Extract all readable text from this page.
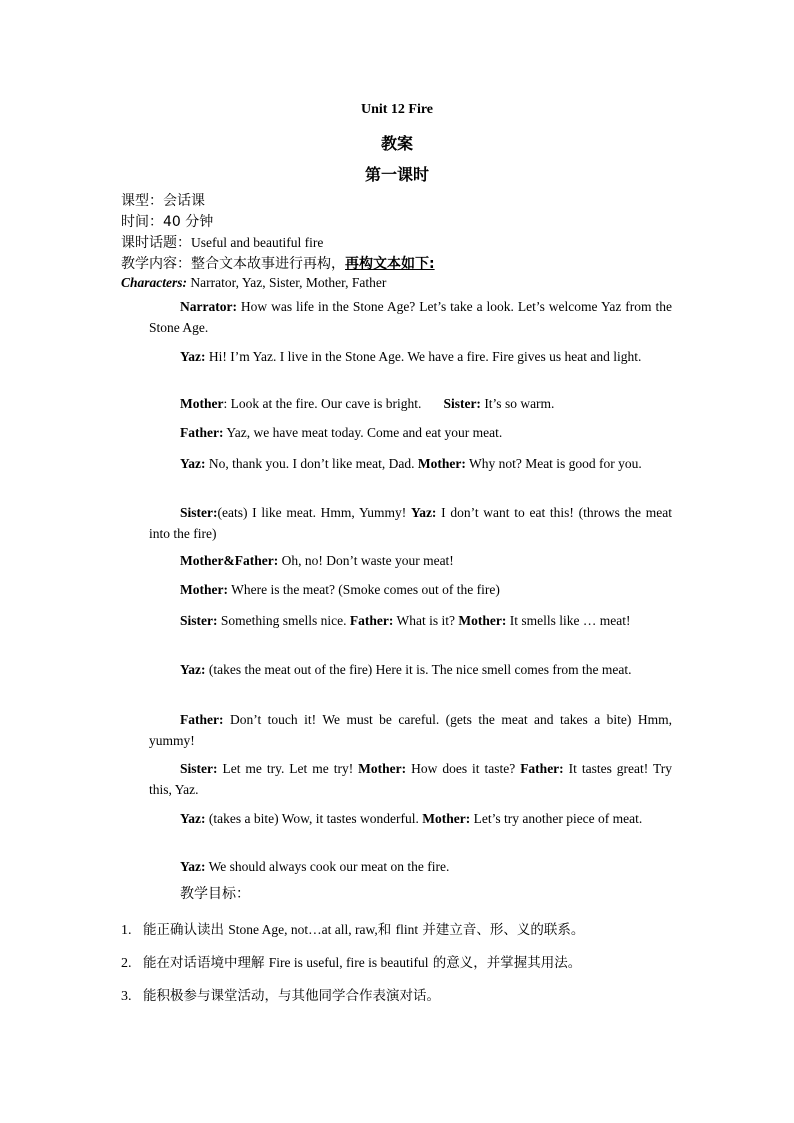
Unit 12 Fire
教案
第一课时
课型：会话课
时间：40 分钟
课时话题：Useful and beautiful fire
教学内容：整合文本故事进行再构，再构文本如下:
Characters: Narrator, Yaz, Sister, Mother, Father
Narrator: How was life in the Stone Age? Let’s take a look. Let’s welcome Yaz from the Stone Age.
Yaz: Hi! I’m Yaz. I live in the Stone Age. We have a fire. Fire gives us heat and light.
Mother: Look at the fire. Our cave is bright. Sister: It’s so warm.
Father: Yaz, we have meat today. Come and eat your meat.
Yaz: No, thank you. I don’t like meat, Dad. Mother: Why not? Meat is good for you.
Sister:(eats) I like meat. Hmm, Yummy! Yaz: I don’t want to eat this! (throws the meat into the fire)
Mother&Father: Oh, no! Don’t waste your meat!
Mother: Where is the meat? (Smoke comes out of the fire)
Sister: Something smells nice. Father: What is it? Mother: It smells like … meat!
Yaz: (takes the meat out of the fire) Here it is. The nice smell comes from the meat.
Father: Don’t touch it! We must be careful. (gets the meat and takes a bite) Hmm, yummy!
Sister: Let me try. Let me try! Mother: How does it taste? Father: It tastes great! Try this, Yaz.
Yaz: (takes a bite) Wow, it tastes wonderful. Mother: Let’s try another piece of meat.
Yaz: We should always cook our meat on the fire.
教学目标：
1. 能正确认读出 Stone Age, not…at all, raw,和 flint 并建立音、形、义的联系。
2. 能在对话语境中理解 Fire is useful, fire is beautiful 的意义，并掌握其用法。
3. 能积极参与课堂活动，与其他同学合作表演对话。
